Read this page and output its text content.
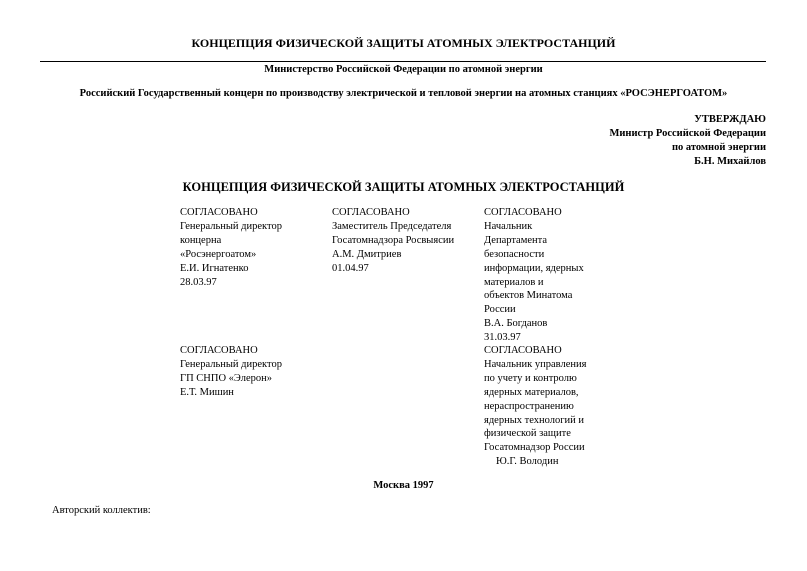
КОНЦЕПЦИЯ ФИЗИЧЕСКОЙ ЗАЩИТЫ АТОМНЫХ ЭЛЕКТРОСТАНЦИЙ
Министерство Российской Федерации по атомной энергии
Российский Государственный концерн по производству электрической и тепловой энергии на атомных станциях «РОСЭНЕРГОАТОМ»
УТВЕРЖДАЮ
Министр Российской Федерации
по атомной энергии
Б.Н. Михайлов
КОНЦЕПЦИЯ ФИЗИЧЕСКОЙ ЗАЩИТЫ АТОМНЫХ ЭЛЕКТРОСТАНЦИЙ
СОГЛАСОВАНО
Генеральный директор
концерна
«Росэнергоатом»
Е.И. Игнатенко
28.03.97
СОГЛАСОВАНО
Заместитель Председателя
Госатомнадзора Росвыясии
А.М. Дмитриев
01.04.97
СОГЛАСОВАНО
Начальник
Департамента
безопасности
информации, ядерных
материалов и
объектов Минатома
России
В.А. Богданов
31.03.97
СОГЛАСОВАНО
Генеральный директор
ГП СНПО «Элерон»
Е.Т. Мишин
СОГЛАСОВАНО
Начальник управления
по учету и контролю
ядерных материалов,
нераспространению
ядерных технологий и
физической защите
Госатомнадзор России
Ю.Г. Володин
Москва 1997
Авторский коллектив:
